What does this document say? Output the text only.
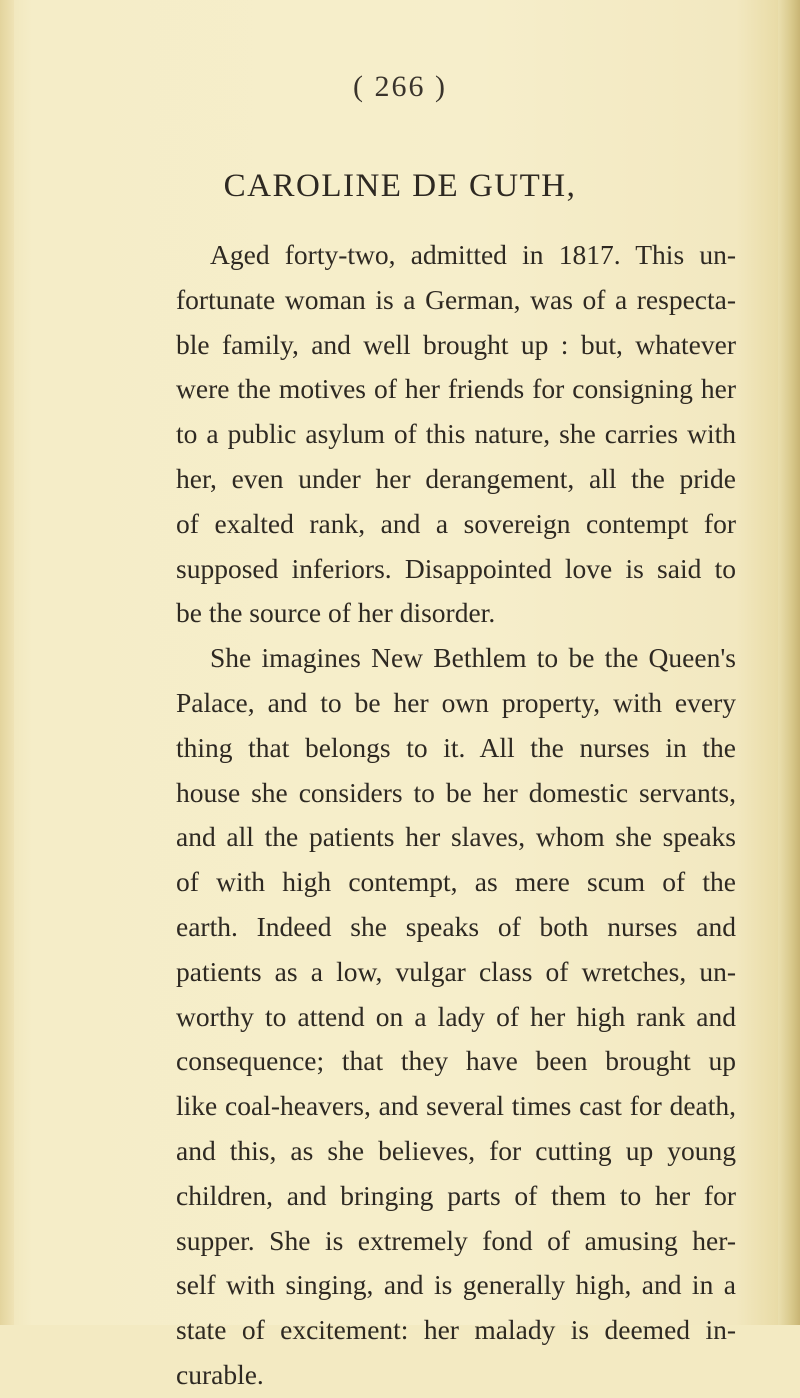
( 266 )
CAROLINE DE GUTH,
Aged forty-two, admitted in 1817. This un-
fortunate woman is a German, was of a respecta-
ble family, and well brought up : but, whatever
were the motives of her friends for consigning her
to a public asylum of this nature, she carries with
her, even under her derangement, all the pride
of exalted rank, and a sovereign contempt for
supposed inferiors. Disappointed love is said to
be the source of her disorder.
She imagines New Bethlem to be the Queen's
Palace, and to be her own property, with every
thing that belongs to it. All the nurses in the
house she considers to be her domestic servants,
and all the patients her slaves, whom she speaks
of with high contempt, as mere scum of the
earth. Indeed she speaks of both nurses and
patients as a low, vulgar class of wretches, un-
worthy to attend on a lady of her high rank and
consequence; that they have been brought up
like coal-heavers, and several times cast for death,
and this, as she believes, for cutting up young
children, and bringing parts of them to her for
supper. She is extremely fond of amusing her-
self with singing, and is generally high, and in a
state of excitement: her malady is deemed in-
curable.
